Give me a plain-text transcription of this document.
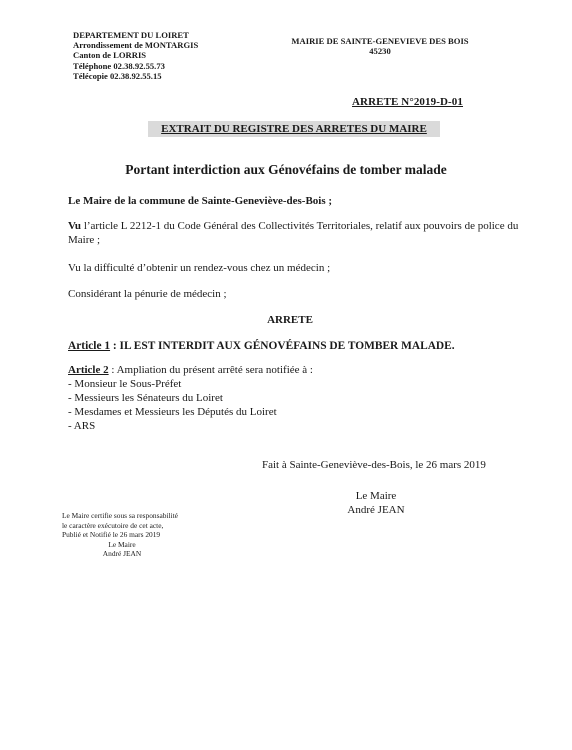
DEPARTEMENT DU LOIRET
Arrondissement de MONTARGIS
Canton de LORRIS
Téléphone 02.38.92.55.73
Télécopie 02.38.92.55.15
MAIRIE DE SAINTE-GENEVIEVE DES BOIS
45230
ARRETE N°2019-D-01
EXTRAIT DU REGISTRE DES ARRETES DU MAIRE
Portant interdiction aux Génovéfains de tomber malade
Le Maire de la commune de Sainte-Geneviève-des-Bois ;
Vu l’article L 2212-1 du Code Général des Collectivités Territoriales, relatif aux pouvoirs de police du Maire ;
Vu la difficulté d’obtenir un rendez-vous chez un médecin ;
Considérant la pénurie de médecin ;
ARRETE
Article 1 : IL EST INTERDIT AUX GÉNOVÉFAINS DE TOMBER MALADE.
Article 2 : Ampliation du présent arrêté sera notifiée à :
- Monsieur le Sous-Préfet
- Messieurs les Sénateurs du Loiret
- Mesdames et Messieurs les Députés du Loiret
- ARS
Fait à Sainte-Geneviève-des-Bois, le 26 mars 2019
Le Maire
André JEAN
Le Maire certifie sous sa responsabilité
le caractère exécutoire de cet acte,
Publié et Notifié le 26 mars 2019
Le Maire
André JEAN
